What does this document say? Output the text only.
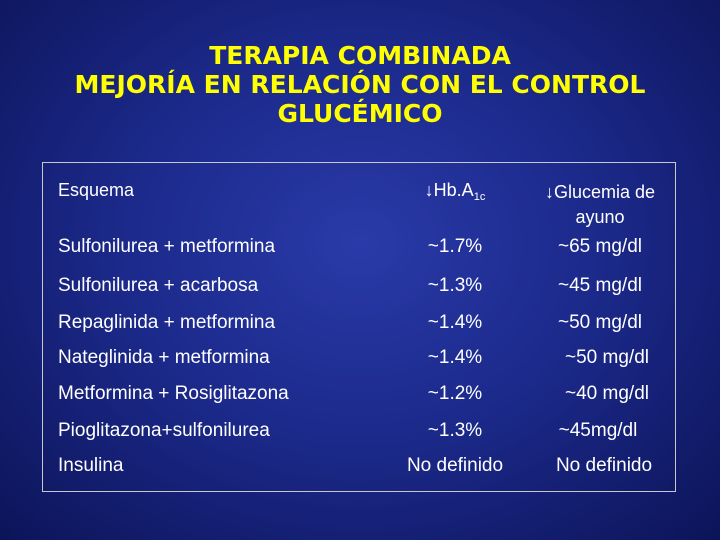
TERAPIA COMBINADA
MEJORÍA EN RELACIÓN CON EL CONTROL
GLUCÉMICO
Esquema	$↓Hb.A_{1c}$	↓Glucemia de
ayuno
Sulfonilurea + metformina	~1.7%	~65 mg/dl
Sulfonilurea + acarbosa	~1.3%	~45 mg/dl
Repaglinida + metformina	~1.4%	~50 mg/dl
Nateglinida + metformina	~1.4%	~50 mg/dl
Metformina + Rosiglitazona	~1.2%	~40 mg/dl
Pioglitazona+sulfonilurea	~1.3%	~45mg/dl
Insulina	No definido	No definido
